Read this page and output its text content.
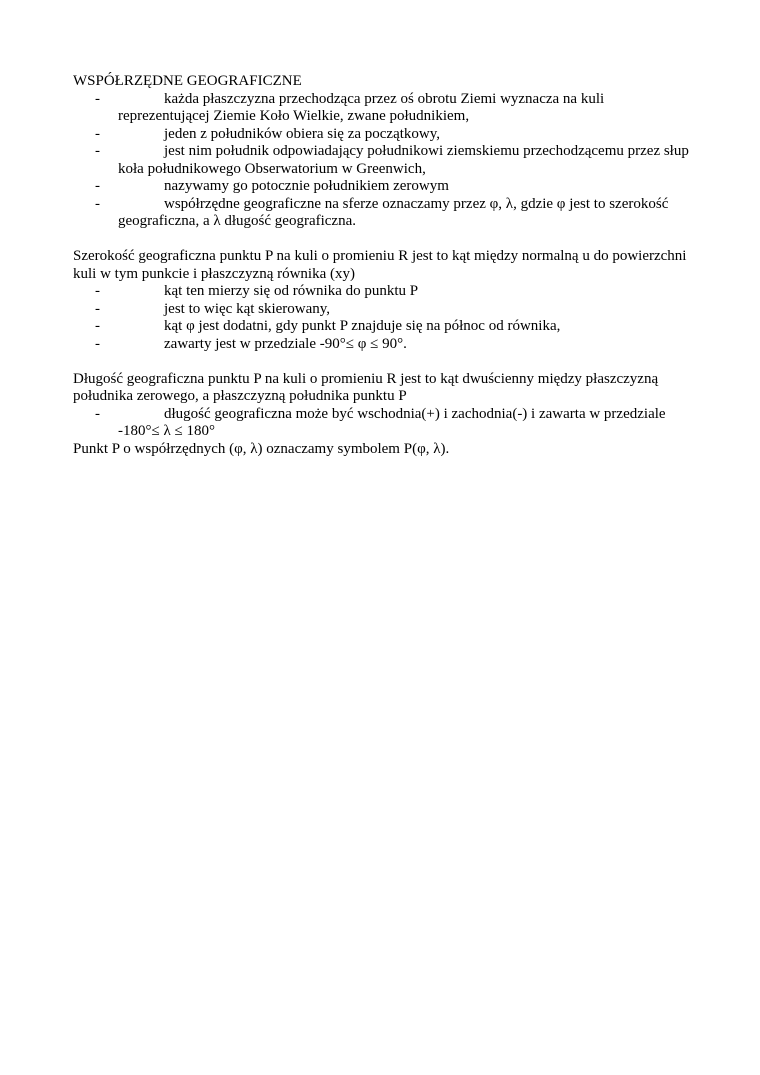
WSPÓŁRZĘDNE GEOGRAFICZNE

-	każda płaszczyzna przechodząca przez oś obrotu Ziemi wyznacza na kuli reprezentującej Ziemie Koło Wielkie, zwane południkiem,

-	jeden z południków obiera się za początkowy,

-	jest nim południk odpowiadający południkowi ziemskiemu przechodzącemu przez słup koła południkowego Obserwatorium w Greenwich,

-	nazywamy go potocznie południkiem zerowym

-	współrzędne geograficzne na sferze oznaczamy przez φ, λ, gdzie φ jest to szerokość geograficzna, a λ długość geograficzna.

Szerokość geograficzna punktu P na kuli o promieniu R jest to kąt między normalną u do powierzchni kuli w tym punkcie i płaszczyzną równika (xy)

-	kąt ten mierzy się od równika do punktu P

-	jest to więc kąt skierowany,

-	kąt φ jest dodatni, gdy punkt P znajduje się na północ od równika,

-	zawarty jest w przedziale -90°≤ φ ≤ 90°.

Długość geograficzna punktu P na kuli o promieniu R jest to kąt dwuścienny między płaszczyzną południka zerowego, a płaszczyzną południka punktu P

-	długość geograficzna może być wschodnia(+) i zachodnia(-) i zawarta w przedziale -180°≤ λ ≤ 180°

Punkt P o współrzędnych (φ, λ) oznaczamy symbolem P(φ, λ).
